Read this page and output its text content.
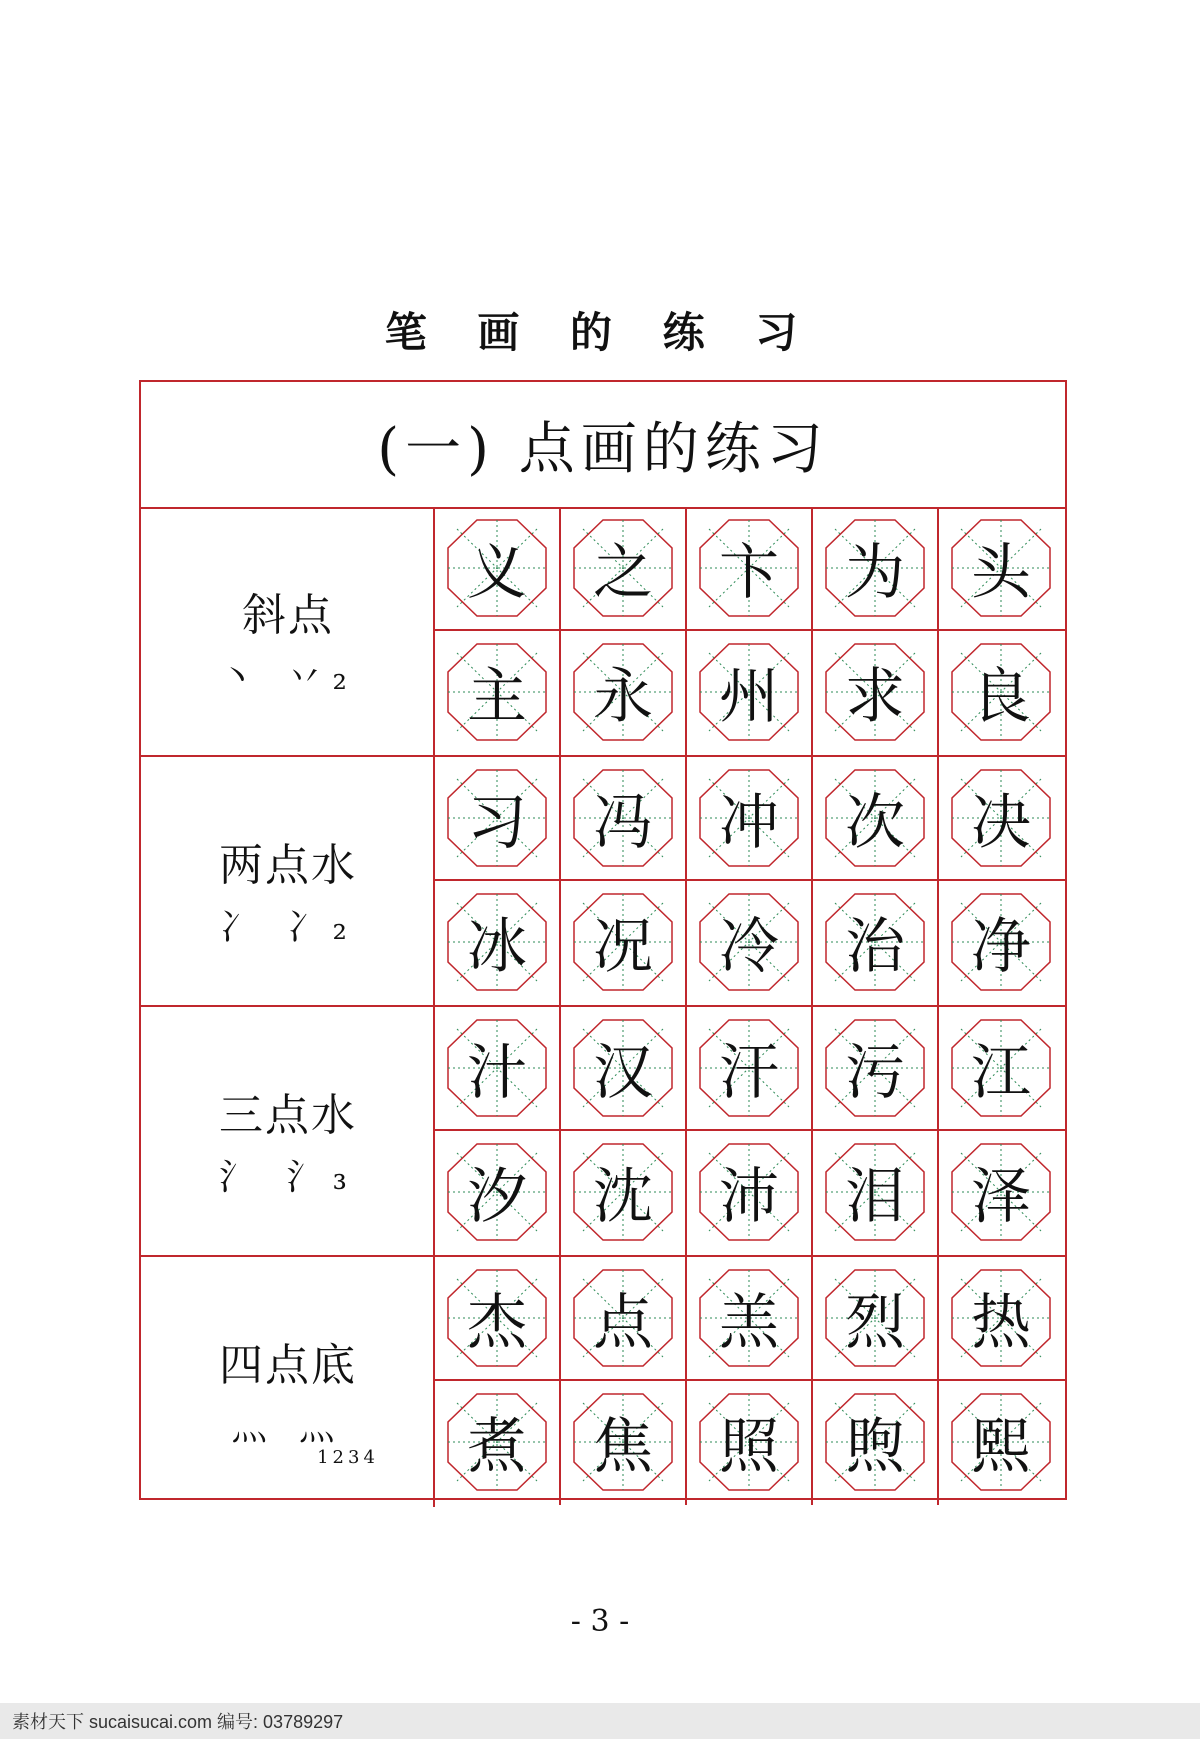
笔 画 的 练 习
(一) 点画的练习
斜点
丶 丷₂
义	之	卞	为	头
主	永	州	求	良
两点水
冫 冫₂
习	冯	冲	次	决
冰	况	冷	治	净
三点水
氵 氵₃
汁	汉	汗	污	江
汐	沈	沛	泪	泽
四点底
灬 灬
1234
杰	点	羔	烈	热
煮	焦	照	煦	熙
- 3 -
素材天下 sucaisucai.com 编号: 03789297
